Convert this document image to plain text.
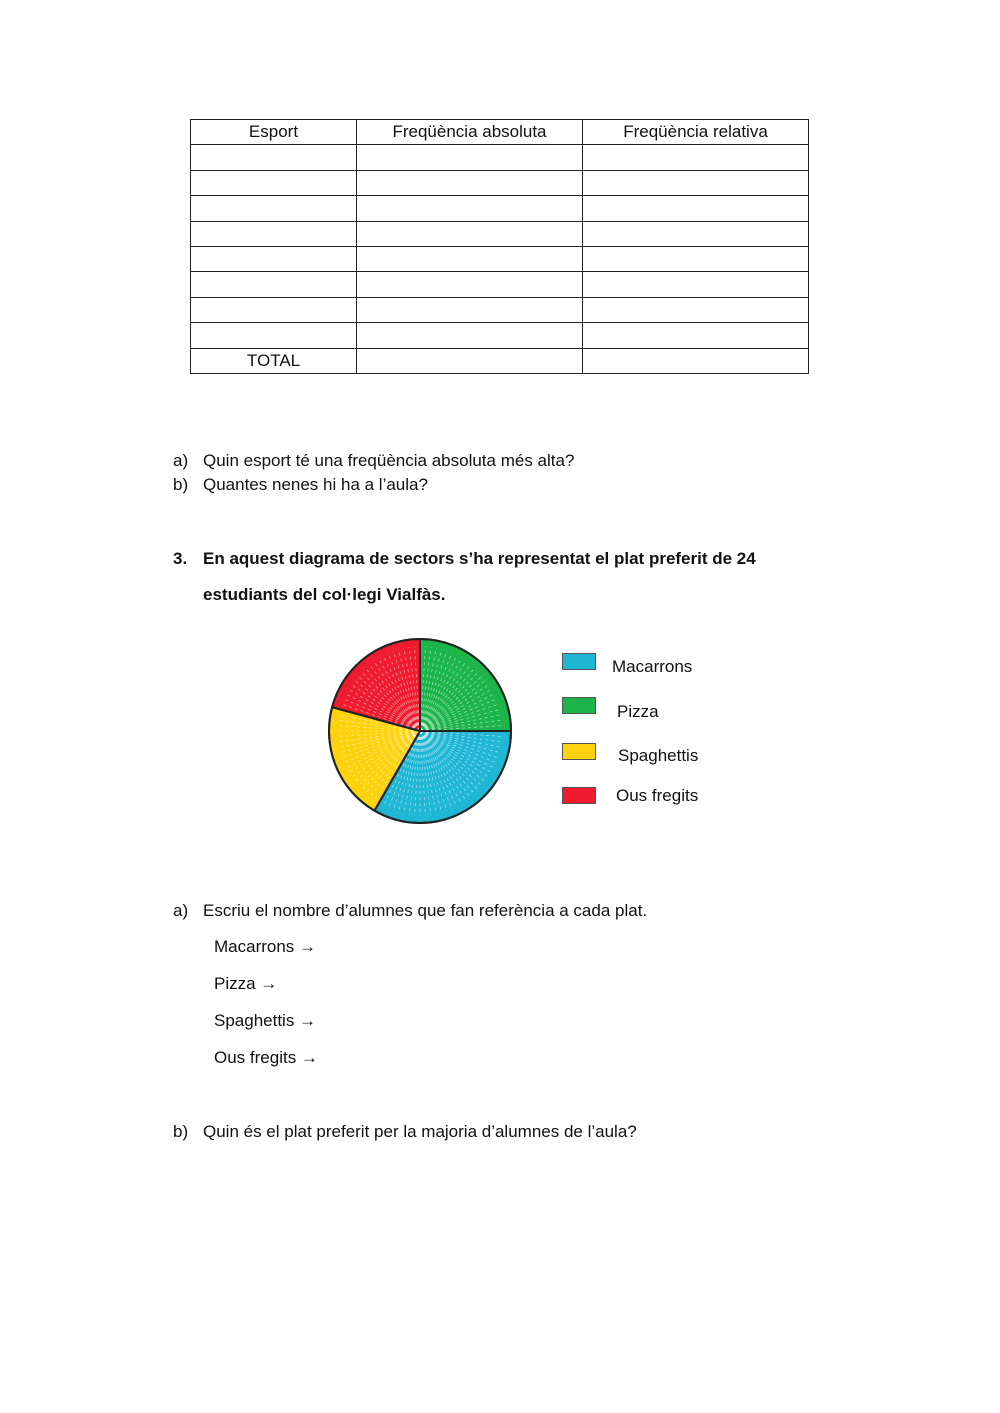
Esport	Freqüència absoluta	Freqüència relativa

TOTAL		
a) Quin esport té una freqüència absoluta més alta?
b) Quantes nenes hi ha a l’aula?
3. En aquest diagrama de sectors s’ha representat el plat preferit de 24
estudiants del col·legi Vialfàs.
Macarrons
Pizza
Spaghettis
Ous fregits
a) Escriu el nombre d’alumnes que fan referència a cada plat.
Macarrons →
Pizza →
Spaghettis →
Ous fregits →
b) Quin és el plat preferit per la majoria d’alumnes de l’aula?
